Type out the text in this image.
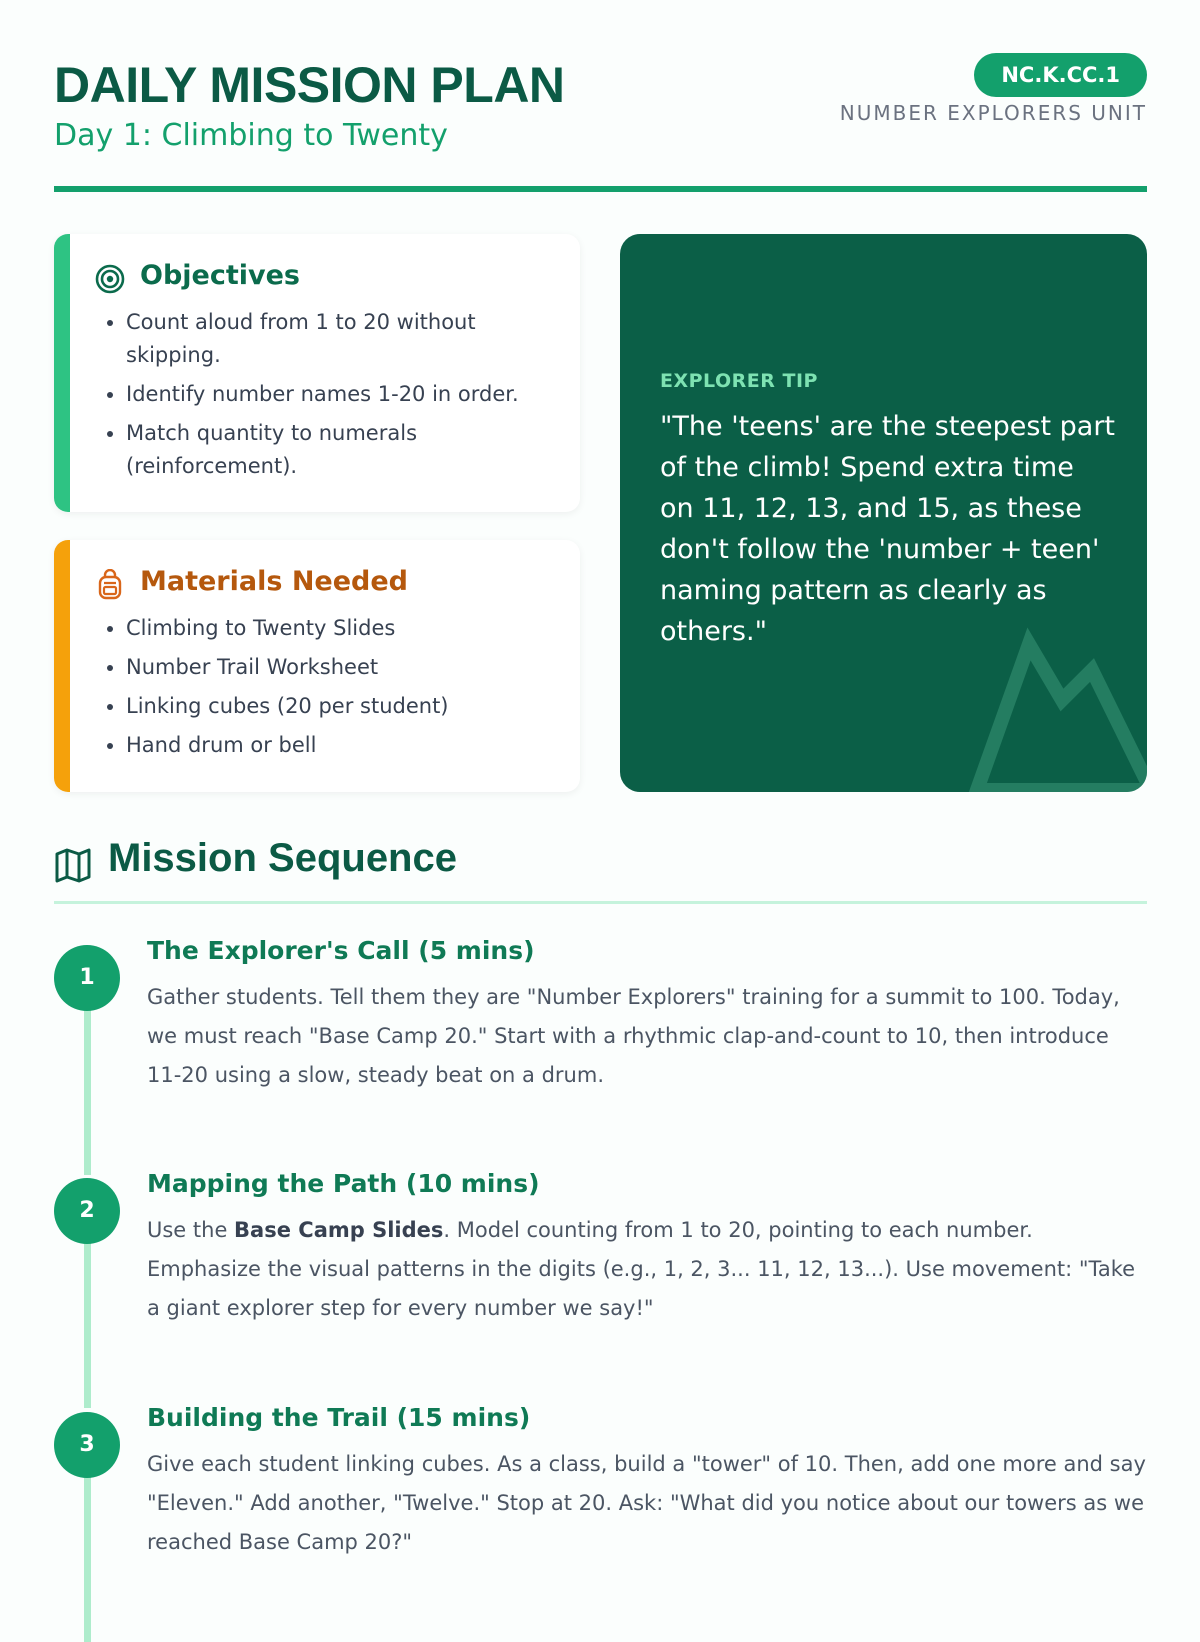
DAILY MISSION PLAN
Day 1: Climbing to Twenty
NC.K.CC.1
NUMBER EXPLORERS UNIT
Objectives
• Count aloud from 1 to 20 without skipping.
• Identify number names 1-20 in order.
• Match quantity to numerals (reinforcement).
Materials Needed
• Climbing to Twenty Slides
• Number Trail Worksheet
• Linking cubes (20 per student)
• Hand drum or bell
EXPLORER TIP
"The 'teens' are the steepest part of the climb! Spend extra time on 11, 12, 13, and 15, as these don't follow the 'number + teen' naming pattern as clearly as others."
Mission Sequence
1
The Explorer's Call (5 mins)
Gather students. Tell them they are "Number Explorers" training for a summit to 100. Today, we must reach "Base Camp 20." Start with a rhythmic clap-and-count to 10, then introduce 11-20 using a slow, steady beat on a drum.
2
Mapping the Path (10 mins)
Use the Base Camp Slides. Model counting from 1 to 20, pointing to each number. Emphasize the visual patterns in the digits (e.g., 1, 2, 3... 11, 12, 13...). Use movement: "Take a giant explorer step for every number we say!"
3
Building the Trail (15 mins)
Give each student linking cubes. As a class, build a "tower" of 10. Then, add one more and say "Eleven." Add another, "Twelve." Stop at 20. Ask: "What did you notice about our towers as we reached Base Camp 20?"
